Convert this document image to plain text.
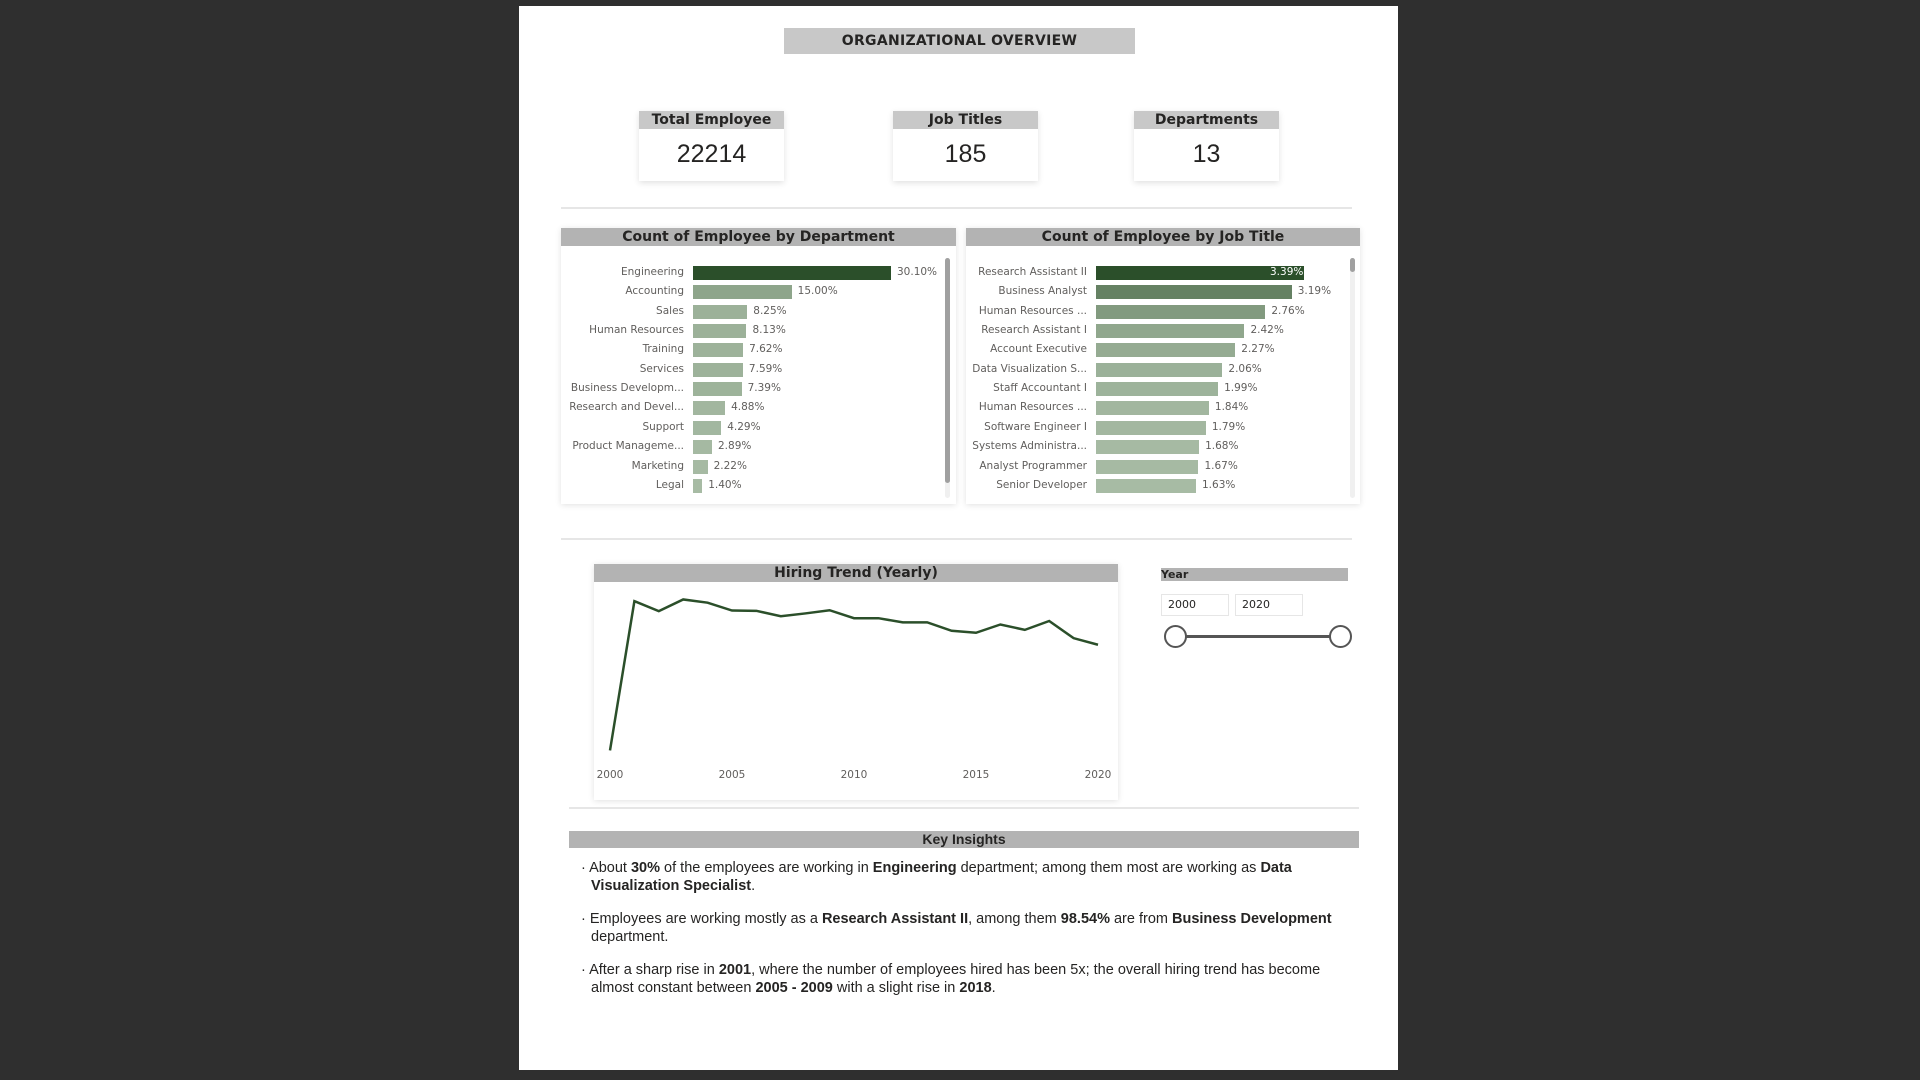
ORGANIZATIONAL OVERVIEW
Total Employee
22214
Job Titles
185
Departments
13
Count of Employee by Department
Engineering	30.10%
Accounting	15.00%
Sales	8.25%
Human Resources	8.13%
Training	7.62%
Services	7.59%
Business Developm...	7.39%
Research and Devel...	4.88%
Support	4.29%
Product Manageme...	2.89%
Marketing	2.22%
Legal 1.40%
Count of Employee by Job Title
Research Assistant II	3.39%
Business Analyst	3.19%
Human Resources ...	2.76%
Research Assistant I	2.42%
Account Executive	2.27%
Data Visualization S...	2.06%
Staff Accountant I	1.99%
Human Resources ...	1.84%
Software Engineer I	1.79%
Systems Administra...	1.68%
Analyst Programmer	1.67%
Senior Developer	1.63%
Hiring Trend (Yearly)
2000	2005	2010	2015	2020
Year
2000	2020
Key Insights

· About 30% of the employees are working in Engineering department; among them most are working as Data Visualization Specialist.

· Employees are working mostly as a Research Assistant II, among them 98.54% are from Business Development department.

· After a sharp rise in 2001, where the number of employees hired has been 5x; the overall hiring trend has become almost constant between 2005 - 2009 with a slight rise in 2018.
